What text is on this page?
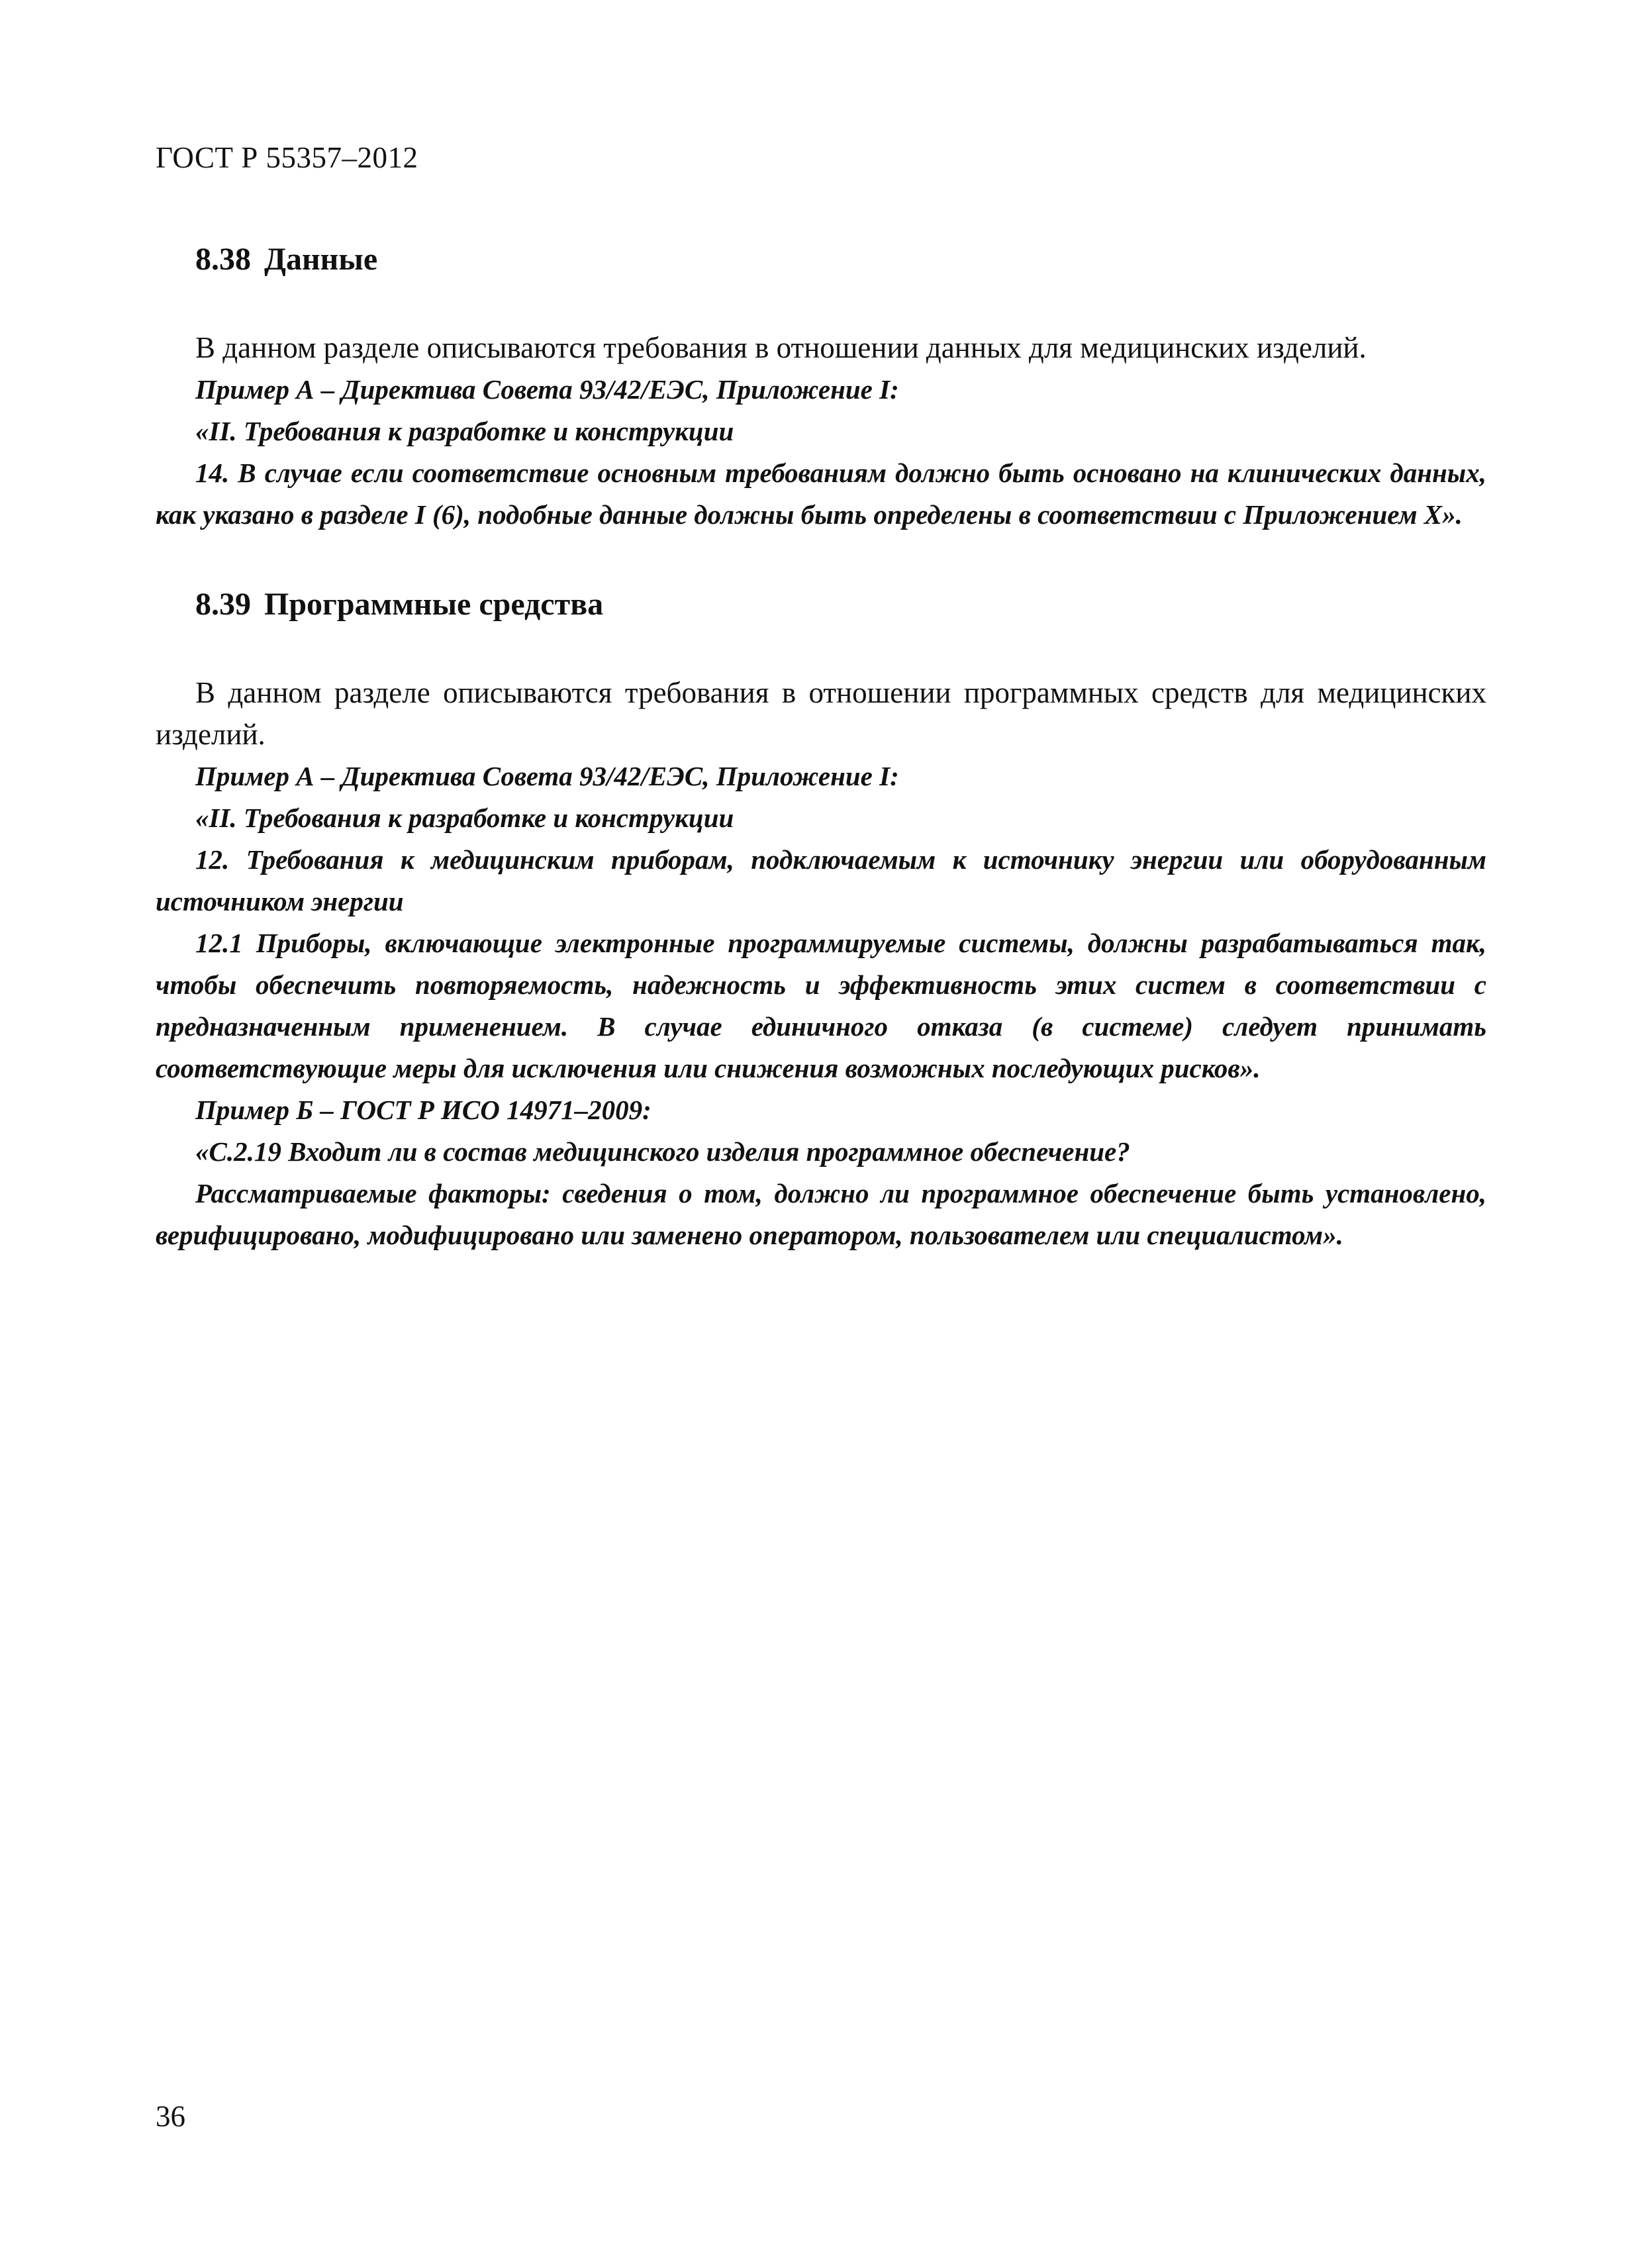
ГОСТ Р 55357–2012
8.38 Данные

В данном разделе описываются требования в отношении данных для медицинских изделий.

Пример А – Директива Совета 93/42/ЕЭС, Приложение I:

«II. Требования к разработке и конструкции

14. В случае если соответствие основным требованиям должно быть основано на клинических данных, как указано в разделе I (6), подобные данные должны быть определены в соответствии с Приложением X».

8.39 Программные средства

В данном разделе описываются требования в отношении программных средств для медицинских изделий.

Пример А – Директива Совета 93/42/ЕЭС, Приложение I:

«II. Требования к разработке и конструкции

12. Требования к медицинским приборам, подключаемым к источнику энергии или оборудованным источником энергии

12.1 Приборы, включающие электронные программируемые системы, должны разрабатываться так, чтобы обеспечить повторяемость, надежность и эффективность этих систем в соответствии с предназначенным применением. В случае единичного отказа (в системе) следует принимать соответствующие меры для исключения или снижения возможных последующих рисков».

Пример Б – ГОСТ Р ИСО 14971–2009:

«С.2.19 Входит ли в состав медицинского изделия программное обеспечение?

Рассматриваемые факторы: сведения о том, должно ли программное обеспечение быть установлено, верифицировано, модифицировано или заменено оператором, пользователем или специалистом».

36
